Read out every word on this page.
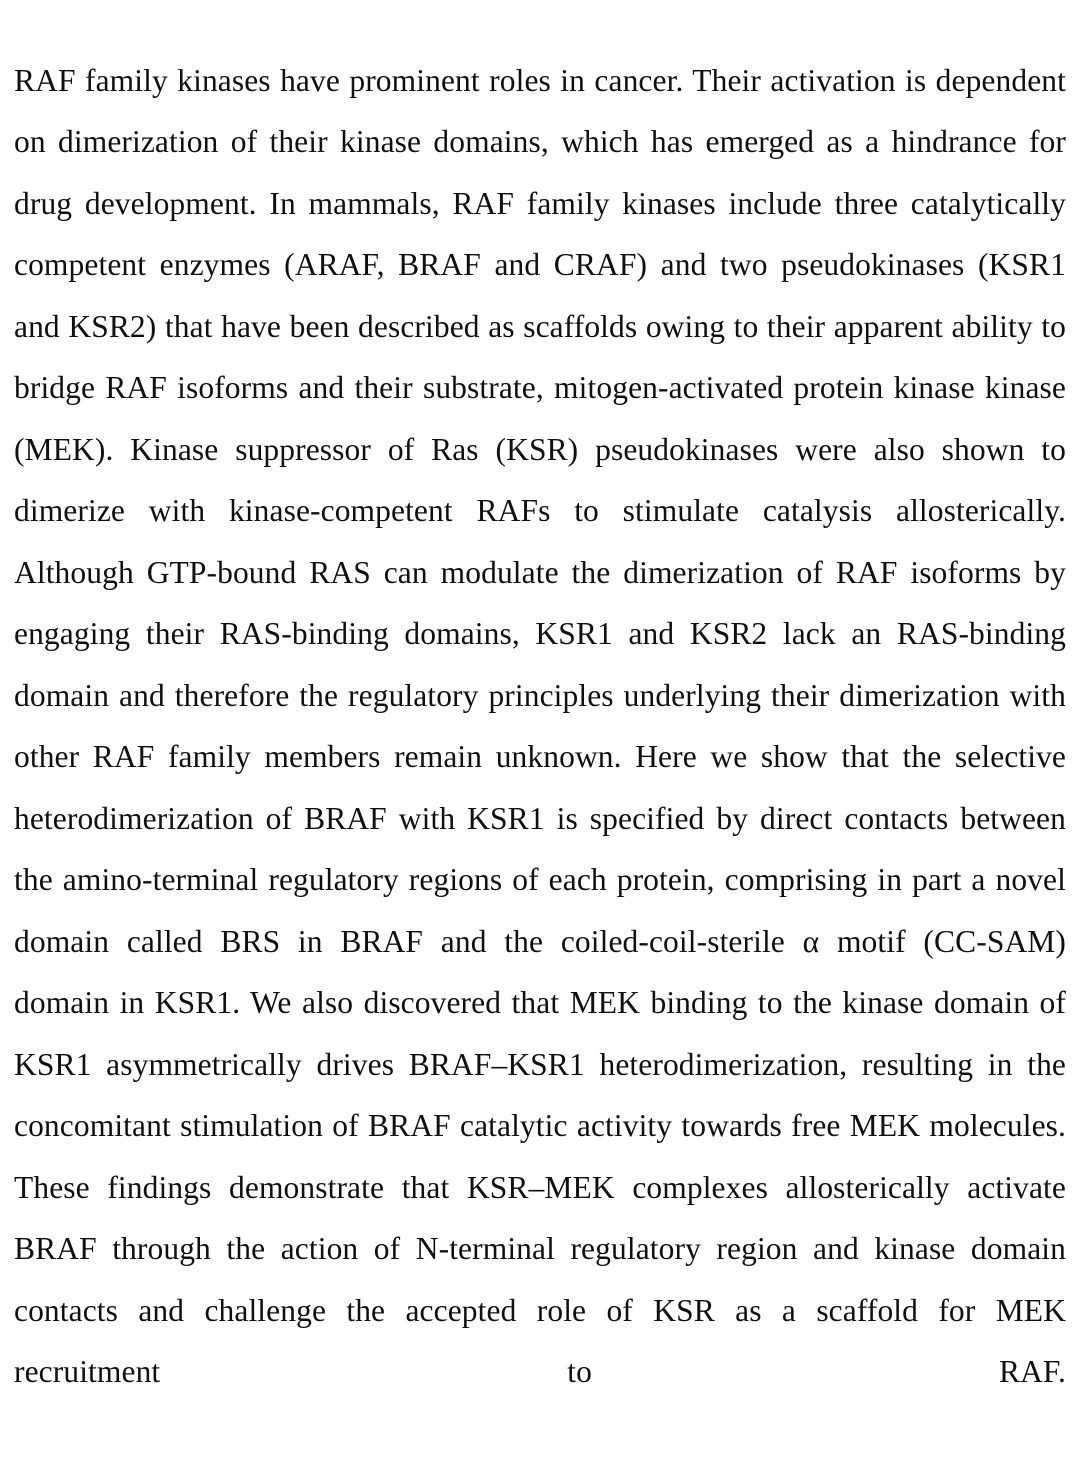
RAF family kinases have prominent roles in cancer. Their activation is dependent on dimerization of their kinase domains, which has emerged as a hindrance for drug development. In mammals, RAF family kinases include three catalytically competent enzymes (ARAF, BRAF and CRAF) and two pseudokinases (KSR1 and KSR2) that have been described as scaffolds owing to their apparent ability to bridge RAF isoforms and their substrate, mitogen-activated protein kinase kinase (MEK). Kinase suppressor of Ras (KSR) pseudokinases were also shown to dimerize with kinase-competent RAFs to stimulate catalysis allosterically. Although GTP-bound RAS can modulate the dimerization of RAF isoforms by engaging their RAS-binding domains, KSR1 and KSR2 lack an RAS-binding domain and therefore the regulatory principles underlying their dimerization with other RAF family members remain unknown. Here we show that the selective heterodimerization of BRAF with KSR1 is specified by direct contacts between the amino-terminal regulatory regions of each protein, comprising in part a novel domain called BRS in BRAF and the coiled-coil-sterile α motif (CC-SAM) domain in KSR1. We also discovered that MEK binding to the kinase domain of KSR1 asymmetrically drives BRAF–KSR1 heterodimerization, resulting in the concomitant stimulation of BRAF catalytic activity towards free MEK molecules. These findings demonstrate that KSR–MEK complexes allosterically activate BRAF through the action of N-terminal regulatory region and kinase domain contacts and challenge the accepted role of KSR as a scaffold for MEK recruitment to RAF.
